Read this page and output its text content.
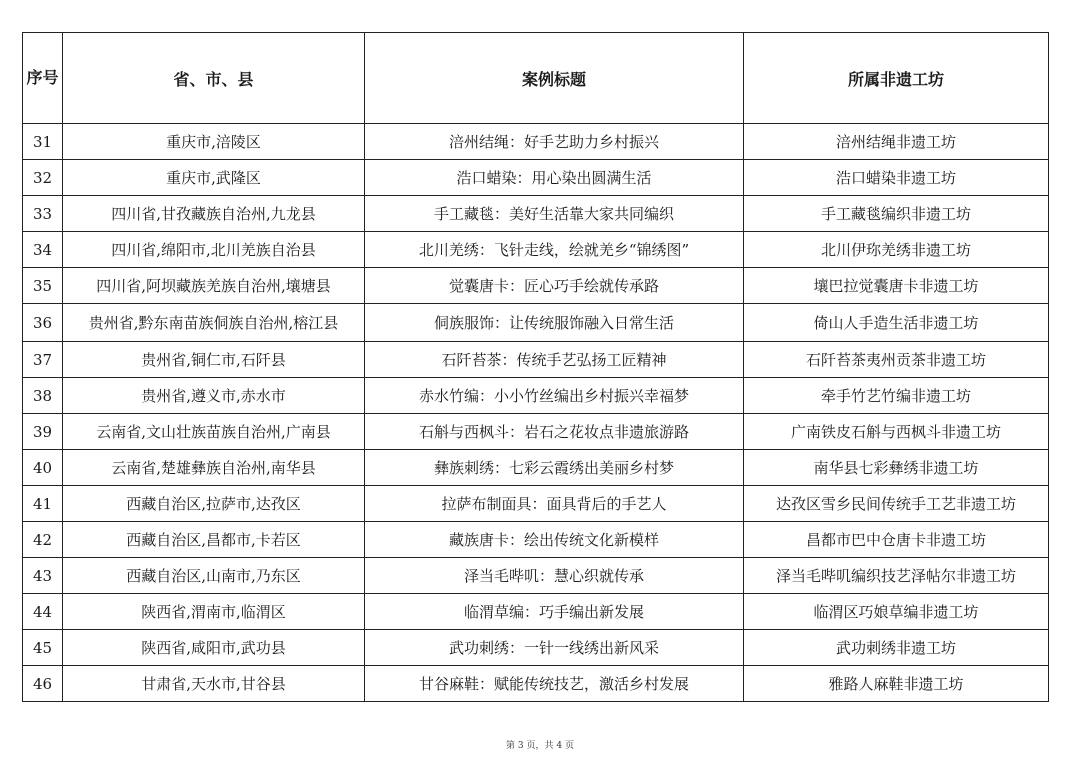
序号	省、市、县	案例标题	所属非遗工坊
31	重庆市,涪陵区	涪州结绳：好手艺助力乡村振兴	涪州结绳非遗工坊
32	重庆市,武隆区	浩口蜡染：用心染出圆满生活	浩口蜡染非遗工坊
33	四川省,甘孜藏族自治州,九龙县	手工藏毯：美好生活靠大家共同编织	手工藏毯编织非遗工坊
34	四川省,绵阳市,北川羌族自治县	北川羌绣：飞针走线，绘就羌乡“锦绣图”	北川伊珎羌绣非遗工坊
35	四川省,阿坝藏族羌族自治州,壤塘县	觉囊唐卡：匠心巧手绘就传承路	壤巴拉觉囊唐卡非遗工坊
36	贵州省,黔东南苗族侗族自治州,榕江县	侗族服饰：让传统服饰融入日常生活	倚山人手造生活非遗工坊
37	贵州省,铜仁市,石阡县	石阡苔茶：传统手艺弘扬工匠精神	石阡苔茶夷州贡茶非遗工坊
38	贵州省,遵义市,赤水市	赤水竹编：小小竹丝编出乡村振兴幸福梦	牵手竹艺竹编非遗工坊
39	云南省,文山壮族苗族自治州,广南县	石斛与西枫斗：岩石之花妆点非遗旅游路	广南铁皮石斛与西枫斗非遗工坊
40	云南省,楚雄彝族自治州,南华县	彝族刺绣：七彩云霞绣出美丽乡村梦	南华县七彩彝绣非遗工坊
41	西藏自治区,拉萨市,达孜区	拉萨布制面具：面具背后的手艺人	达孜区雪乡民间传统手工艺非遗工坊
42	西藏自治区,昌都市,卡若区	藏族唐卡：绘出传统文化新模样	昌都市巴中仓唐卡非遗工坊
43	西藏自治区,山南市,乃东区	泽当毛哔叽：慧心织就传承	泽当毛哔叽编织技艺泽帖尔非遗工坊
44	陕西省,渭南市,临渭区	临渭草编：巧手编出新发展	临渭区巧娘草编非遗工坊
45	陕西省,咸阳市,武功县	武功刺绣：一针一线绣出新风采	武功刺绣非遗工坊
46	甘肃省,天水市,甘谷县	甘谷麻鞋：赋能传统技艺，激活乡村发展	雅路人麻鞋非遗工坊
第 3 页，共 4 页
